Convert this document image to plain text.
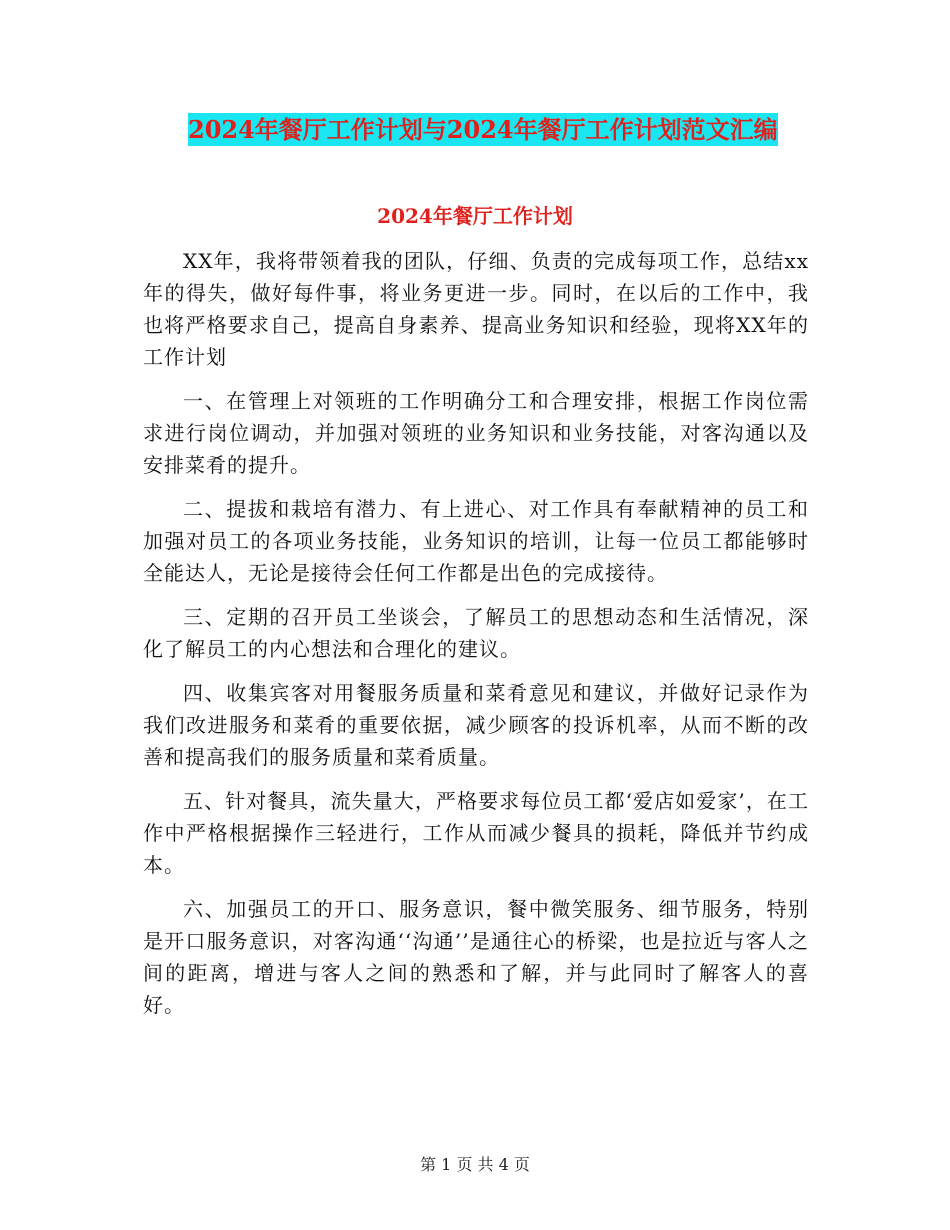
2024年餐厅工作计划与2024年餐厅工作计划范文汇编
2024年餐厅工作计划

XX年，我将带领着我的团队，仔细、负责的完成每项工作，总结xx年的得失，做好每件事，将业务更进一步。同时，在以后的工作中，我也将严格要求自己，提高自身素养、提高业务知识和经验，现将XX年的工作计划

一、在管理上对领班的工作明确分工和合理安排，根据工作岗位需求进行岗位调动，并加强对领班的业务知识和业务技能，对客沟通以及安排菜肴的提升。

二、提拔和栽培有潜力、有上进心、对工作具有奉献精神的员工和加强对员工的各项业务技能，业务知识的培训，让每一位员工都能够时全能达人，无论是接待会任何工作都是出色的完成接待。

三、定期的召开员工坐谈会，了解员工的思想动态和生活情况，深化了解员工的内心想法和合理化的建议。

四、收集宾客对用餐服务质量和菜肴意见和建议，并做好记录作为我们改进服务和菜肴的重要依据，减少顾客的投诉机率，从而不断的改善和提高我们的服务质量和菜肴质量。

五、针对餐具，流失量大，严格要求每位员工都‘爱店如爱家’，在工作中严格根据操作三轻进行，工作从而减少餐具的损耗，降低并节约成本。

六、加强员工的开口、服务意识，餐中微笑服务、细节服务，特别是开口服务意识，对客沟通‘‘沟通’’是通往心的桥梁，也是拉近与客人之间的距离，增进与客人之间的熟悉和了解，并与此同时了解客人的喜好。

第 1 页 共 4 页
